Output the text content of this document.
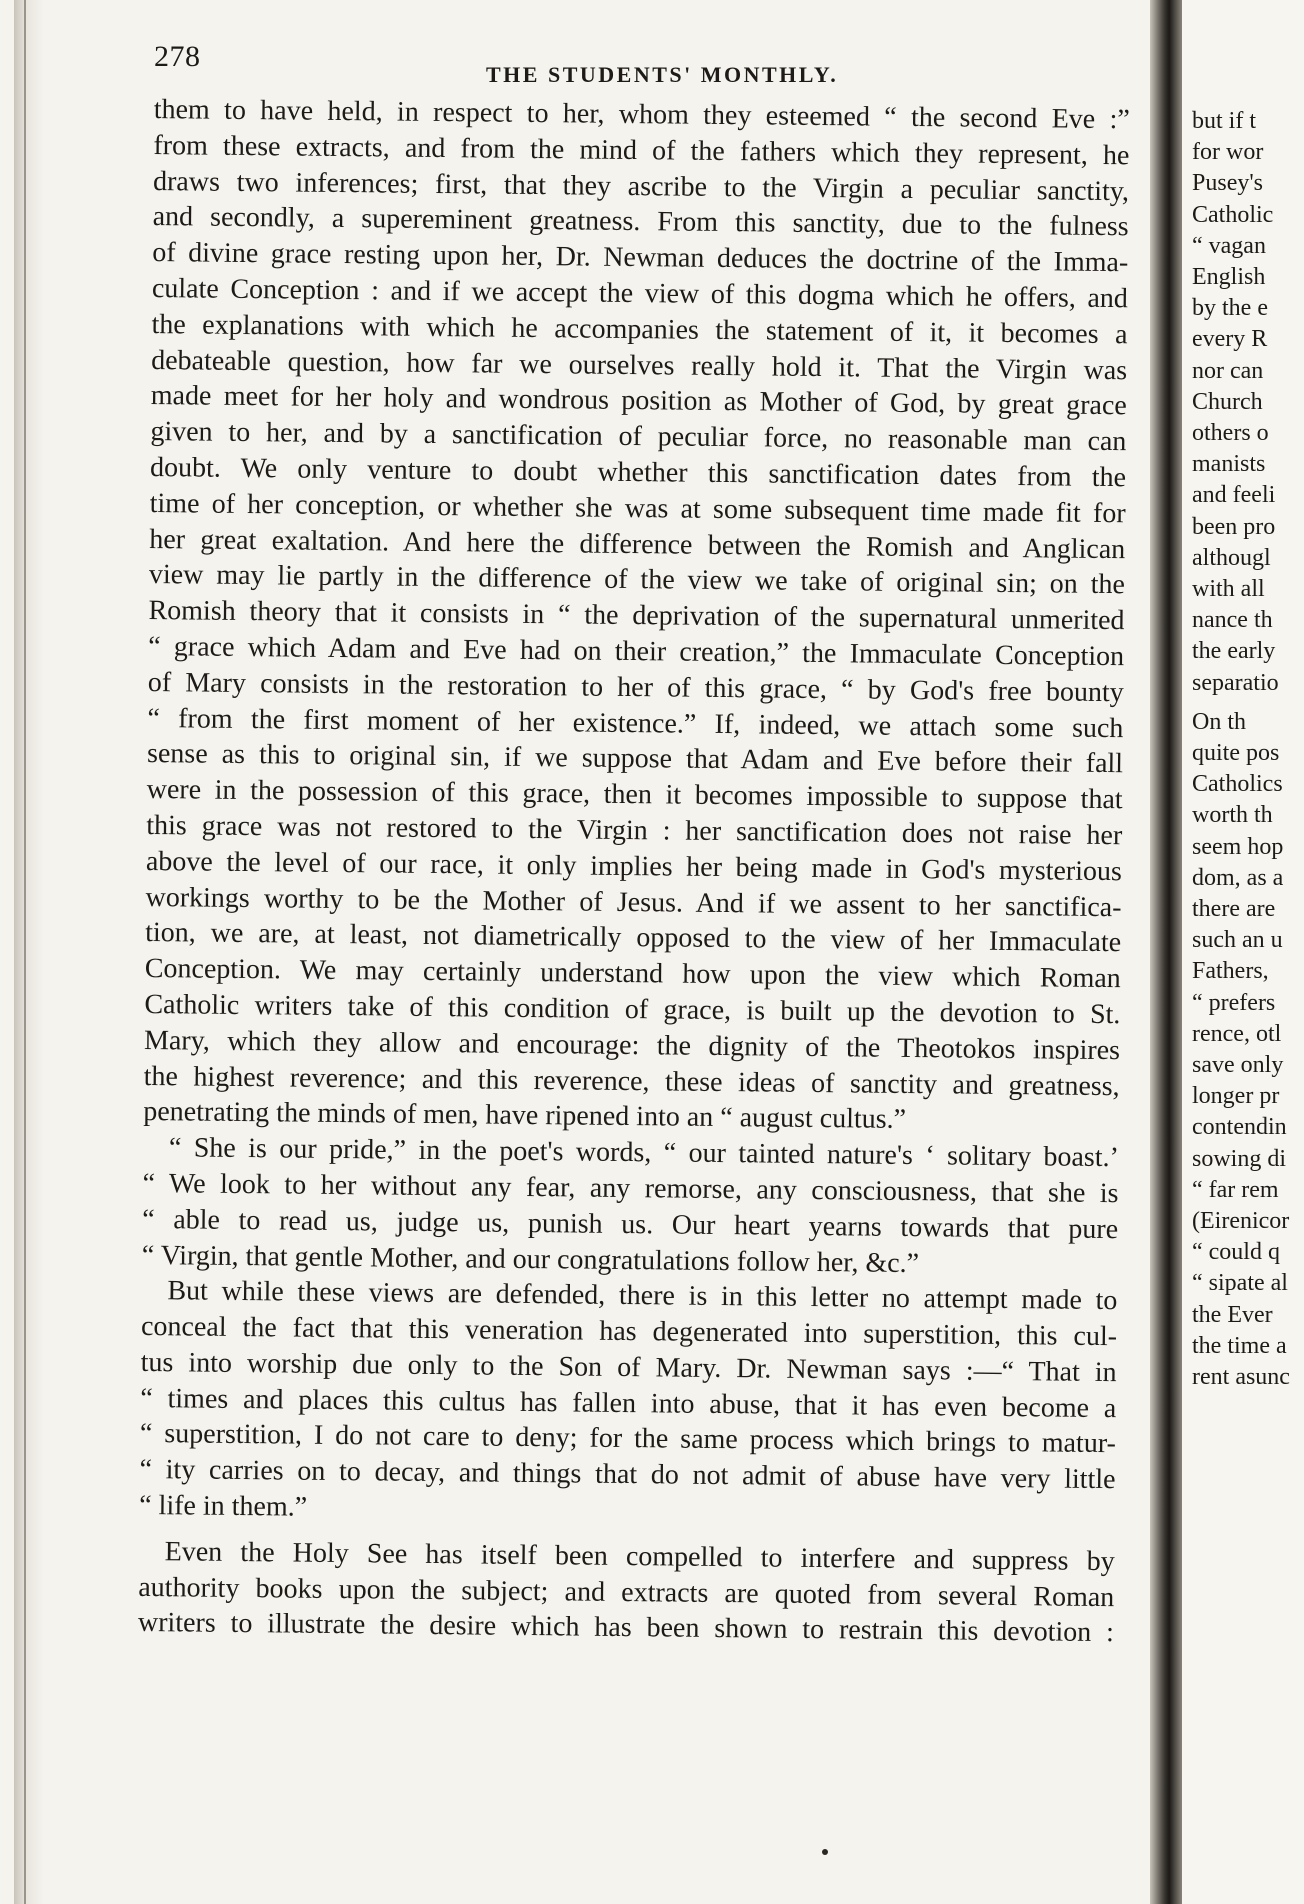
278
THE STUDENTS' MONTHLY.
them to have held, in respect to her, whom they esteemed “ the second Eve :”
from these extracts, and from the mind of the fathers which they represent, he
draws two inferences; first, that they ascribe to the Virgin a peculiar sanctity,
and secondly, a supereminent greatness. From this sanctity, due to the fulness
of divine grace resting upon her, Dr. Newman deduces the doctrine of the Imma-
culate Conception : and if we accept the view of this dogma which he offers, and
the explanations with which he accompanies the statement of it, it becomes a
debateable question, how far we ourselves really hold it. That the Virgin was
made meet for her holy and wondrous position as Mother of God, by great grace
given to her, and by a sanctification of peculiar force, no reasonable man can
doubt. We only venture to doubt whether this sanctification dates from the
time of her conception, or whether she was at some subsequent time made fit for
her great exaltation. And here the difference between the Romish and Anglican
view may lie partly in the difference of the view we take of original sin; on the
Romish theory that it consists in “ the deprivation of the supernatural unmerited
“ grace which Adam and Eve had on their creation,” the Immaculate Conception
of Mary consists in the restoration to her of this grace, “ by God's free bounty
“ from the first moment of her existence.” If, indeed, we attach some such
sense as this to original sin, if we suppose that Adam and Eve before their fall
were in the possession of this grace, then it becomes impossible to suppose that
this grace was not restored to the Virgin : her sanctification does not raise her
above the level of our race, it only implies her being made in God's mysterious
workings worthy to be the Mother of Jesus. And if we assent to her sanctifica-
tion, we are, at least, not diametrically opposed to the view of her Immaculate
Conception. We may certainly understand how upon the view which Roman
Catholic writers take of this condition of grace, is built up the devotion to St.
Mary, which they allow and encourage: the dignity of the Theotokos inspires
the highest reverence; and this reverence, these ideas of sanctity and greatness,
penetrating the minds of men, have ripened into an “ august cultus.”
“ She is our pride,” in the poet's words, “ our tainted nature's ‘ solitary boast.’
“ We look to her without any fear, any remorse, any consciousness, that she is
“ able to read us, judge us, punish us. Our heart yearns towards that pure
“ Virgin, that gentle Mother, and our congratulations follow her, &c.”
But while these views are defended, there is in this letter no attempt made to
conceal the fact that this veneration has degenerated into superstition, this cul-
tus into worship due only to the Son of Mary. Dr. Newman says :—“ That in
“ times and places this cultus has fallen into abuse, that it has even become a
“ superstition, I do not care to deny; for the same process which brings to matur-
“ ity carries on to decay, and things that do not admit of abuse have very little
“ life in them.”
Even the Holy See has itself been compelled to interfere and suppress by
authority books upon the subject; and extracts are quoted from several Roman
writers to illustrate the desire which has been shown to restrain this devotion :
but if t
for wor
Pusey's
Catholic
“ vagan
English
by the e
every R
nor can
Church
others o
manists
and feeli
been pro
althougl
with all
nance th
the early
separatio
On th
quite pos
Catholics
worth th
seem hop
dom, as a
there are
such an u
Fathers,
“ prefers
rence, otl
save only
longer pr
contendin
sowing di
“ far rem
(Eirenicor
“ could q
“ sipate al
the Ever
the time a
rent asunc
